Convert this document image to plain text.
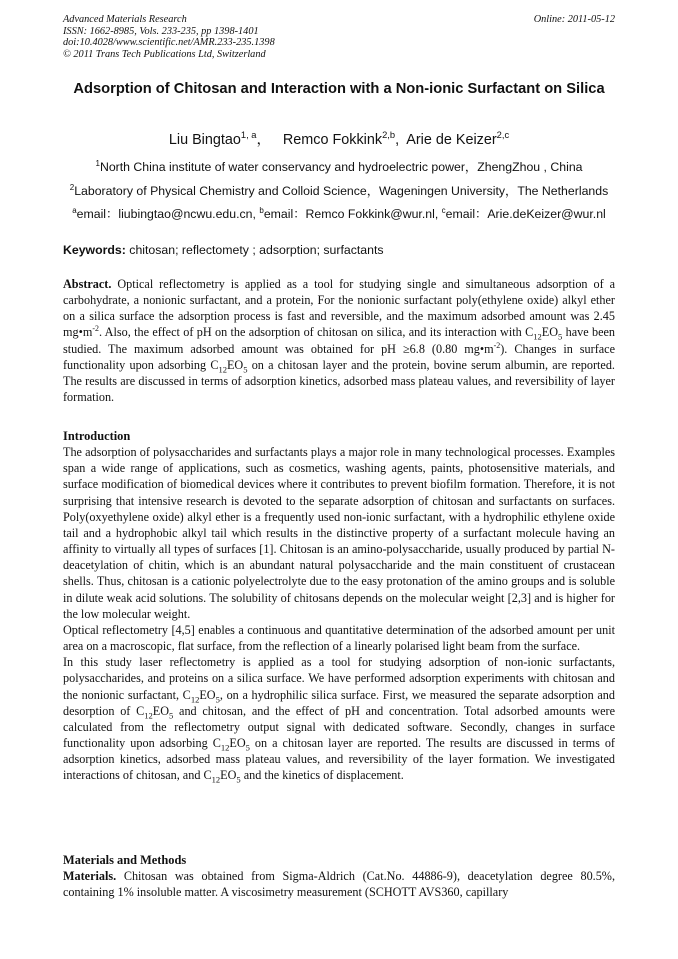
Online: 2011-05-12
Advanced Materials Research
ISSN: 1662-8985, Vols. 233-235, pp 1398-1401
doi:10.4028/www.scientific.net/AMR.233-235.1398
© 2011 Trans Tech Publications Ltd, Switzerland
Adsorption of Chitosan and Interaction with a Non-ionic Surfactant on Silica
Liu Bingtao$^{1, a}$， Remco Fokkink$^{2,b}$, Arie de Keizer$^{2,c}$
$^1$North China institute of water conservancy and hydroelectric power，ZhengZhou , China
$^2$Laboratory of Physical Chemistry and Colloid Science，Wageningen University，The Netherlands
$^a$email：liubingtao@ncwu.edu.cn, $^b$email：Remco Fokkink@wur.nl, $^c$email：Arie.deKeizer@wur.nl
Keywords: chitosan; reflectomety ; adsorption; surfactants

Abstract. Optical reflectometry is applied as a tool for studying single and simultaneous adsorption of a carbohydrate, a nonionic surfactant, and a protein, For the nonionic surfactant poly(ethylene oxide) alkyl ether on a silica surface the adsorption process is fast and reversible, and the maximum adsorbed amount was 2.45 $mg•m^{-2}$. Also, the effect of pH on the adsorption of chitosan on silica, and its interaction with $C_{12}EO_5$ have been studied. The maximum adsorbed amount was obtained for pH ≥6.8 (0.80 $mg•m^{-2}$). Changes in surface functionality upon adsorbing $C_{12}EO_5$ on a chitosan layer and the protein, bovine serum albumin, are reported. The results are discussed in terms of adsorption kinetics, adsorbed mass plateau values, and reversibility of layer formation.

Introduction

The adsorption of polysaccharides and surfactants plays a major role in many technological processes. Examples span a wide range of applications, such as cosmetics, washing agents, paints, photosensitive materials, and surface modification of biomedical devices where it contributes to prevent biofilm formation. Therefore, it is not surprising that intensive research is devoted to the separate adsorption of chitosan and surfactants on surfaces. Poly(oxyethylene oxide) alkyl ether is a frequently used non-ionic surfactant, with a hydrophilic ethylene oxide tail and a hydrophobic alkyl tail which results in the distinctive property of a surfactant molecule having an affinity to virtually all types of surfaces [1]. Chitosan is an amino-polysaccharide, usually produced by partial N-deacetylation of chitin, which is an abundant natural polysaccharide and the main constituent of crustacean shells. Thus, chitosan is a cationic polyelectrolyte due to the easy protonation of the amino groups and is soluble in dilute weak acid solutions. The solubility of chitosans depends on the molecular weight [2,3] and is higher for the low molecular weight.

Optical reflectometry [4,5] enables a continuous and quantitative determination of the adsorbed amount per unit area on a macroscopic, flat surface, from the reflection of a linearly polarised light beam from the surface.

In this study laser reflectometry is applied as a tool for studying adsorption of non-ionic surfactants, polysaccharides, and proteins on a silica surface. We have performed adsorption experiments with chitosan and the nonionic surfactant, $C_{12}EO_5$, on a hydrophilic silica surface. First, we measured the separate adsorption and desorption of $C_{12}EO_5$ and chitosan, and the effect of pH and concentration. Total adsorbed amounts were calculated from the reflectometry output signal with dedicated software. Secondly, changes in surface functionality upon adsorbing $C_{12}EO_5$ on a chitosan layer are reported. The results are discussed in terms of adsorption kinetics, adsorbed mass plateau values, and reversibility of the layer formation. We investigated interactions of chitosan, and $C_{12}EO_5$ and the kinetics of displacement.

Materials and Methods

Materials. Chitosan was obtained from Sigma-Aldrich (Cat.No. 44886-9), deacetylation degree 80.5%, containing 1% insoluble matter. A viscosimetry measurement (SCHOTT AVS360, capillary
